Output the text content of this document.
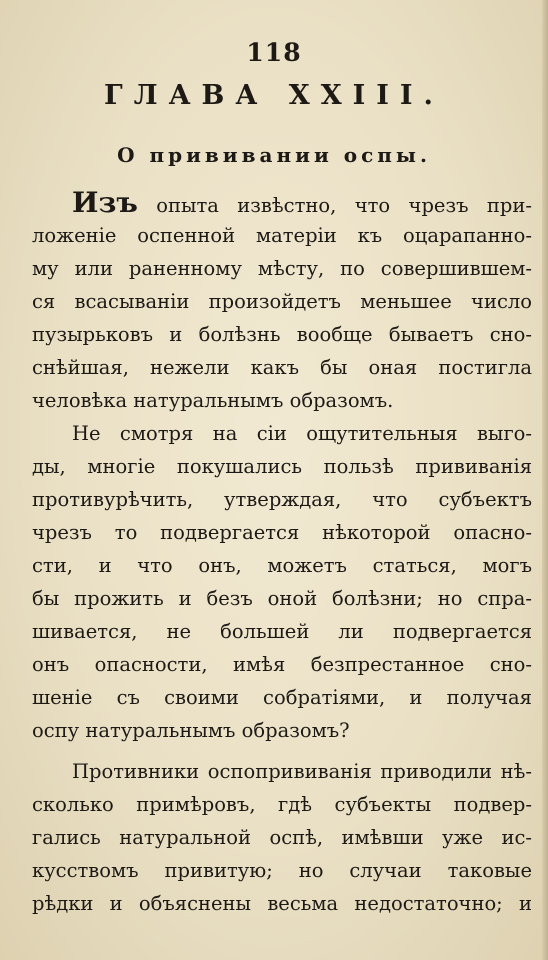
118
ГЛАВА XXIII.
О прививании оспы.
Изъ опыта извѣстно, что чрезъ при-
ложеніе оспенной матеріи къ оцарапанно-
му или раненному мѣсту, по совершившем-
ся всасываніи произойдетъ меньшее число
пузырьковъ и болѣзнь вообще бываетъ сно-
снѣйшая, нежели какъ бы оная постигла
человѣка натуральнымъ образомъ.
Не смотря на сіи ощутительныя выго-
ды, многіе покушались пользѣ прививанія
противурѣчить, утверждая, что субъектъ
чрезъ то подвергается нѣкоторой опасно-
сти, и что онъ, можетъ статься, могъ
бы прожить и безъ оной болѣзни; но спра-
шивается, не большей ли подвергается
онъ опасности, имѣя безпрестанное сно-
шеніе съ своими собратіями, и получая
оспу натуральнымъ образомъ?
Противники оспопрививанія приводили нѣ-
сколько примѣровъ, гдѣ субъекты подвер-
гались натуральной оспѣ, имѣвши уже ис-
кусствомъ привитую; но случаи таковые
рѣдки и объяснены весьма недостаточно; и
